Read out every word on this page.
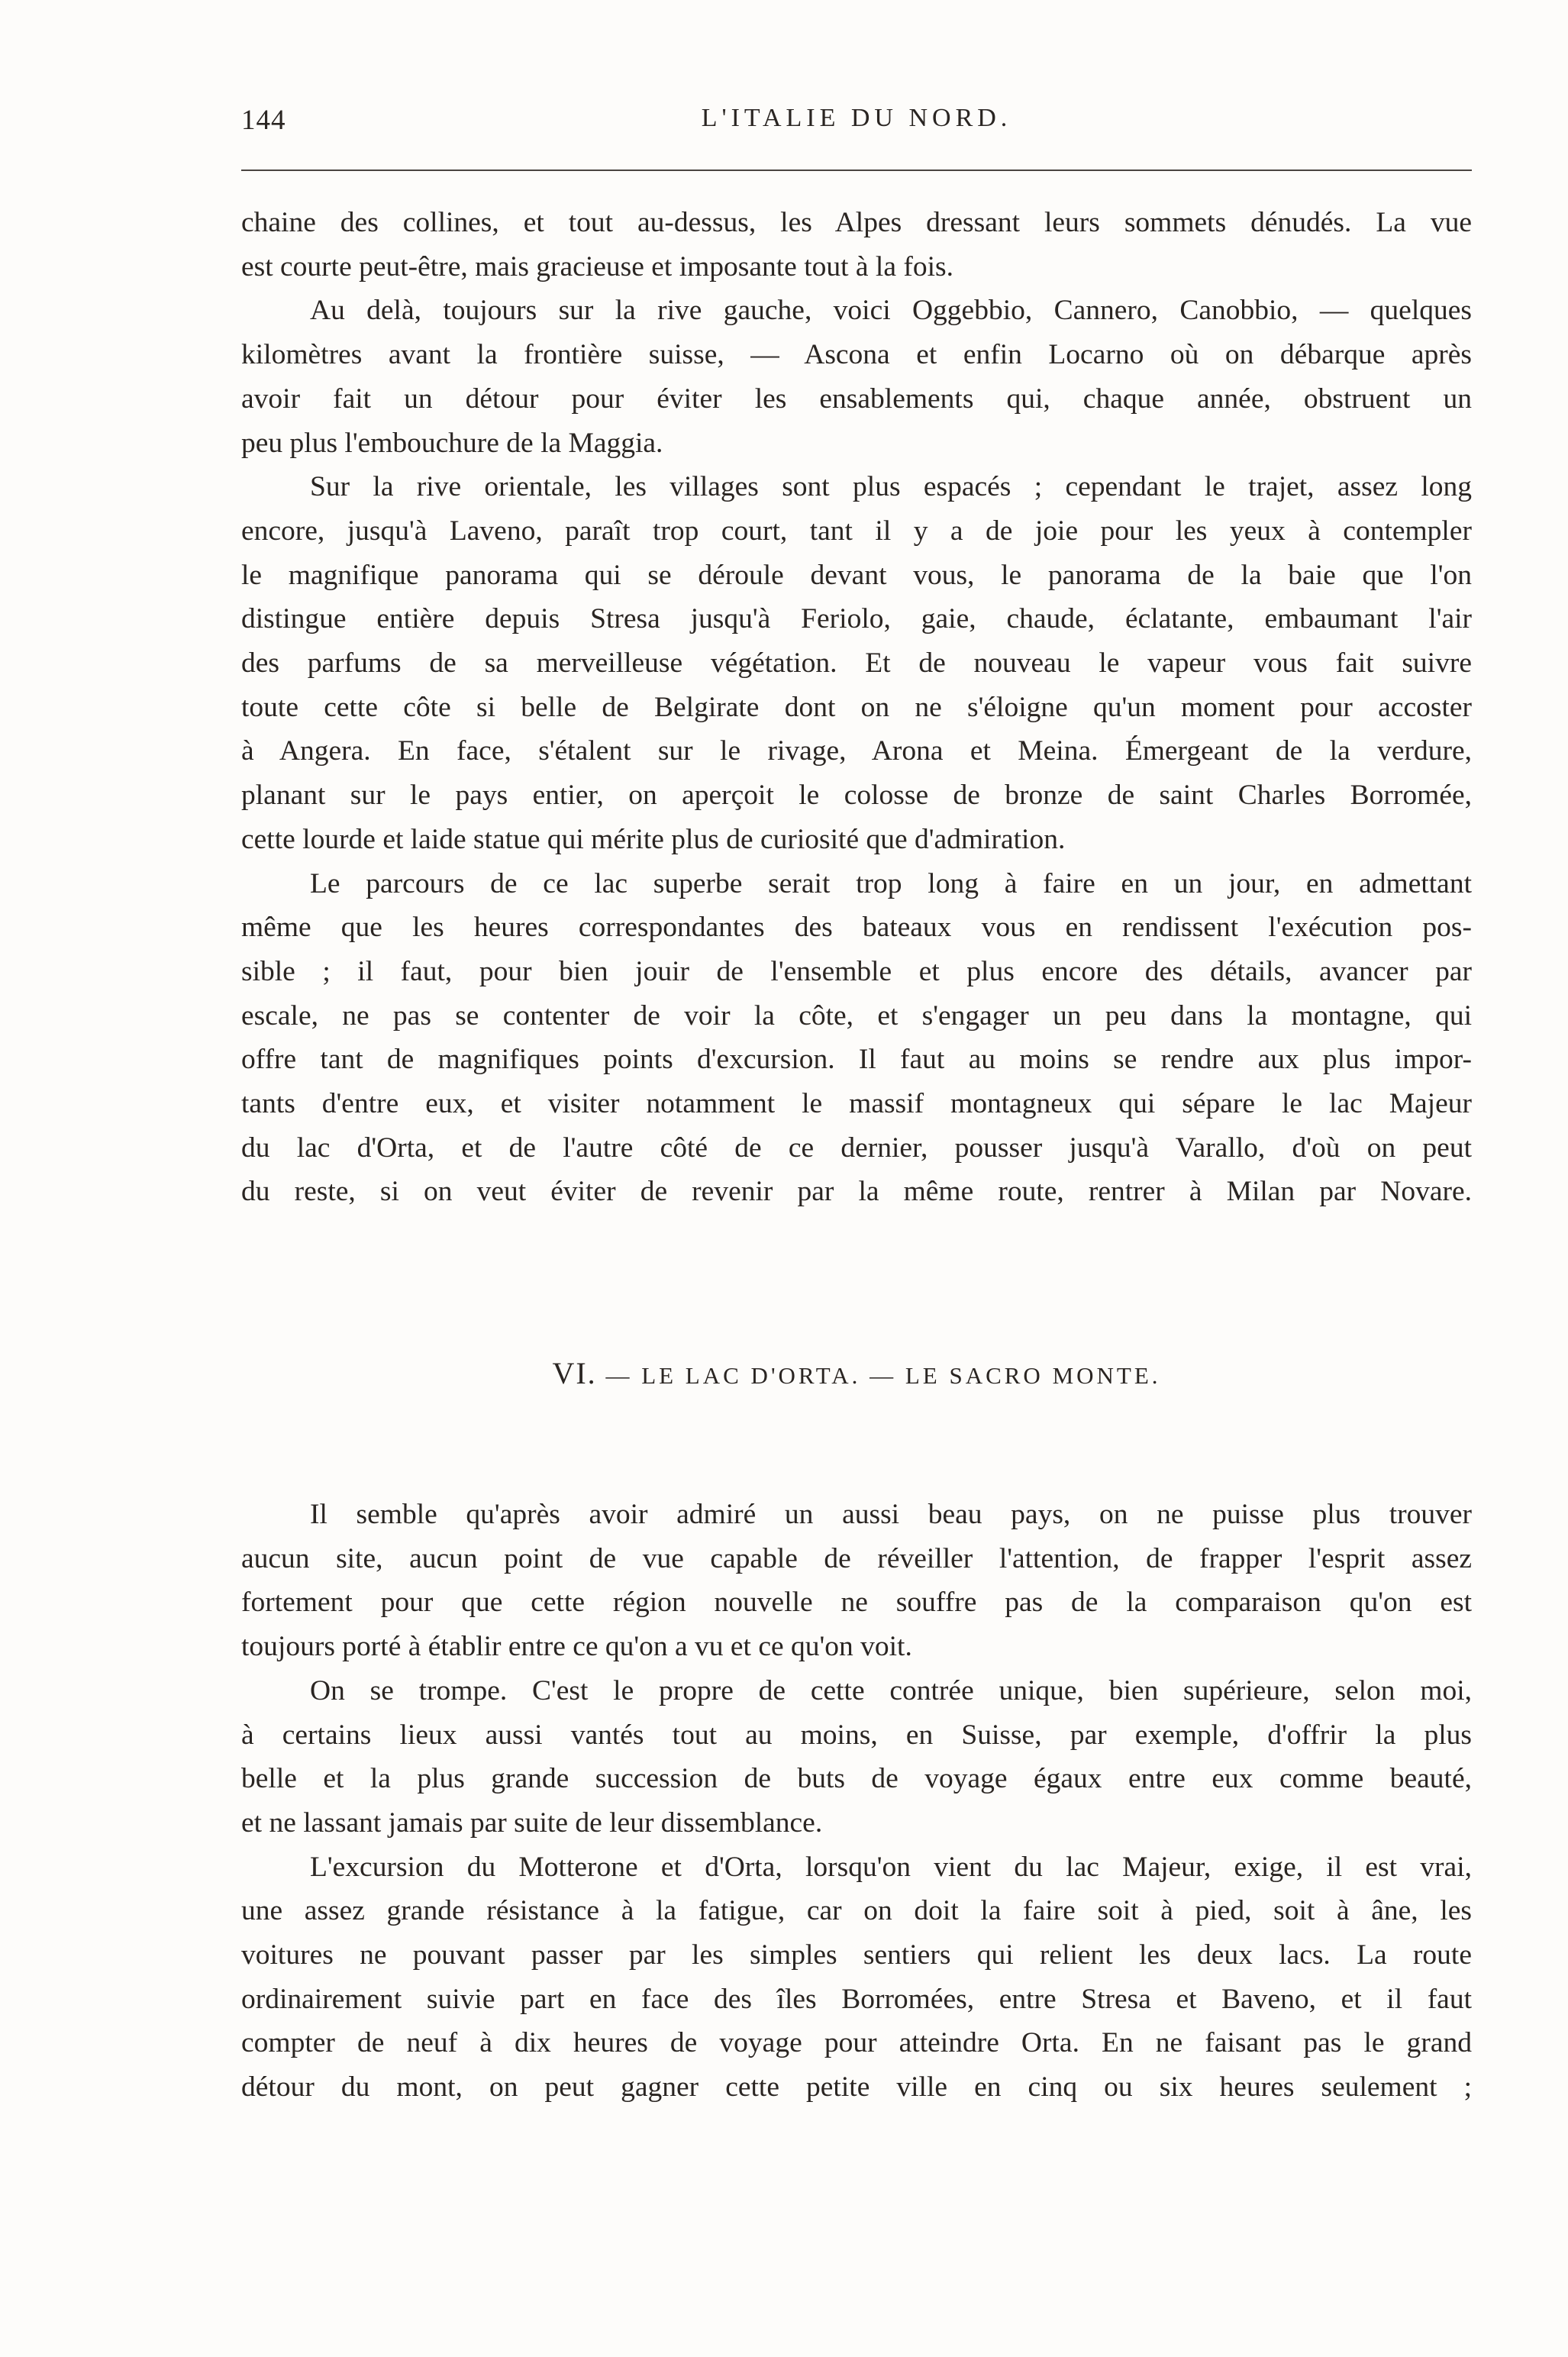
144	L'ITALIE DU NORD.

chaine des collines, et tout au-dessus, les Alpes dressant leurs sommets dénudés. La vue
est courte peut-être, mais gracieuse et imposante tout à la fois.

Au delà, toujours sur la rive gauche, voici Oggebbio, Cannero, Canobbio, — quelques
kilomètres avant la frontière suisse, — Ascona et enfin Locarno où on débarque après
avoir fait un détour pour éviter les ensablements qui, chaque année, obstruent un
peu plus l'embouchure de la Maggia.

Sur la rive orientale, les villages sont plus espacés ; cependant le trajet, assez long
encore, jusqu'à Laveno, paraît trop court, tant il y a de joie pour les yeux à contempler
le magnifique panorama qui se déroule devant vous, le panorama de la baie que l'on
distingue entière depuis Stresa jusqu'à Feriolo, gaie, chaude, éclatante, embaumant l'air
des parfums de sa merveilleuse végétation. Et de nouveau le vapeur vous fait suivre
toute cette côte si belle de Belgirate dont on ne s'éloigne qu'un moment pour accoster
à Angera. En face, s'étalent sur le rivage, Arona et Meina. Émergeant de la verdure,
planant sur le pays entier, on aperçoit le colosse de bronze de saint Charles Borromée,
cette lourde et laide statue qui mérite plus de curiosité que d'admiration.

Le parcours de ce lac superbe serait trop long à faire en un jour, en admettant
même que les heures correspondantes des bateaux vous en rendissent l'exécution pos-
sible ; il faut, pour bien jouir de l'ensemble et plus encore des détails, avancer par
escale, ne pas se contenter de voir la côte, et s'engager un peu dans la montagne, qui
offre tant de magnifiques points d'excursion. Il faut au moins se rendre aux plus impor-
tants d'entre eux, et visiter notamment le massif montagneux qui sépare le lac Majeur
du lac d'Orta, et de l'autre côté de ce dernier, pousser jusqu'à Varallo, d'où on peut
du reste, si on veut éviter de revenir par la même route, rentrer à Milan par Novare.

VI. — LE LAC D'ORTA. — LE SACRO MONTE.

Il semble qu'après avoir admiré un aussi beau pays, on ne puisse plus trouver
aucun site, aucun point de vue capable de réveiller l'attention, de frapper l'esprit assez
fortement pour que cette région nouvelle ne souffre pas de la comparaison qu'on est
toujours porté à établir entre ce qu'on a vu et ce qu'on voit.

On se trompe. C'est le propre de cette contrée unique, bien supérieure, selon moi,
à certains lieux aussi vantés tout au moins, en Suisse, par exemple, d'offrir la plus
belle et la plus grande succession de buts de voyage égaux entre eux comme beauté,
et ne lassant jamais par suite de leur dissemblance.

L'excursion du Motterone et d'Orta, lorsqu'on vient du lac Majeur, exige, il est vrai,
une assez grande résistance à la fatigue, car on doit la faire soit à pied, soit à âne, les
voitures ne pouvant passer par les simples sentiers qui relient les deux lacs. La route
ordinairement suivie part en face des îles Borromées, entre Stresa et Baveno, et il faut
compter de neuf à dix heures de voyage pour atteindre Orta. En ne faisant pas le grand
détour du mont, on peut gagner cette petite ville en cinq ou six heures seulement ;
